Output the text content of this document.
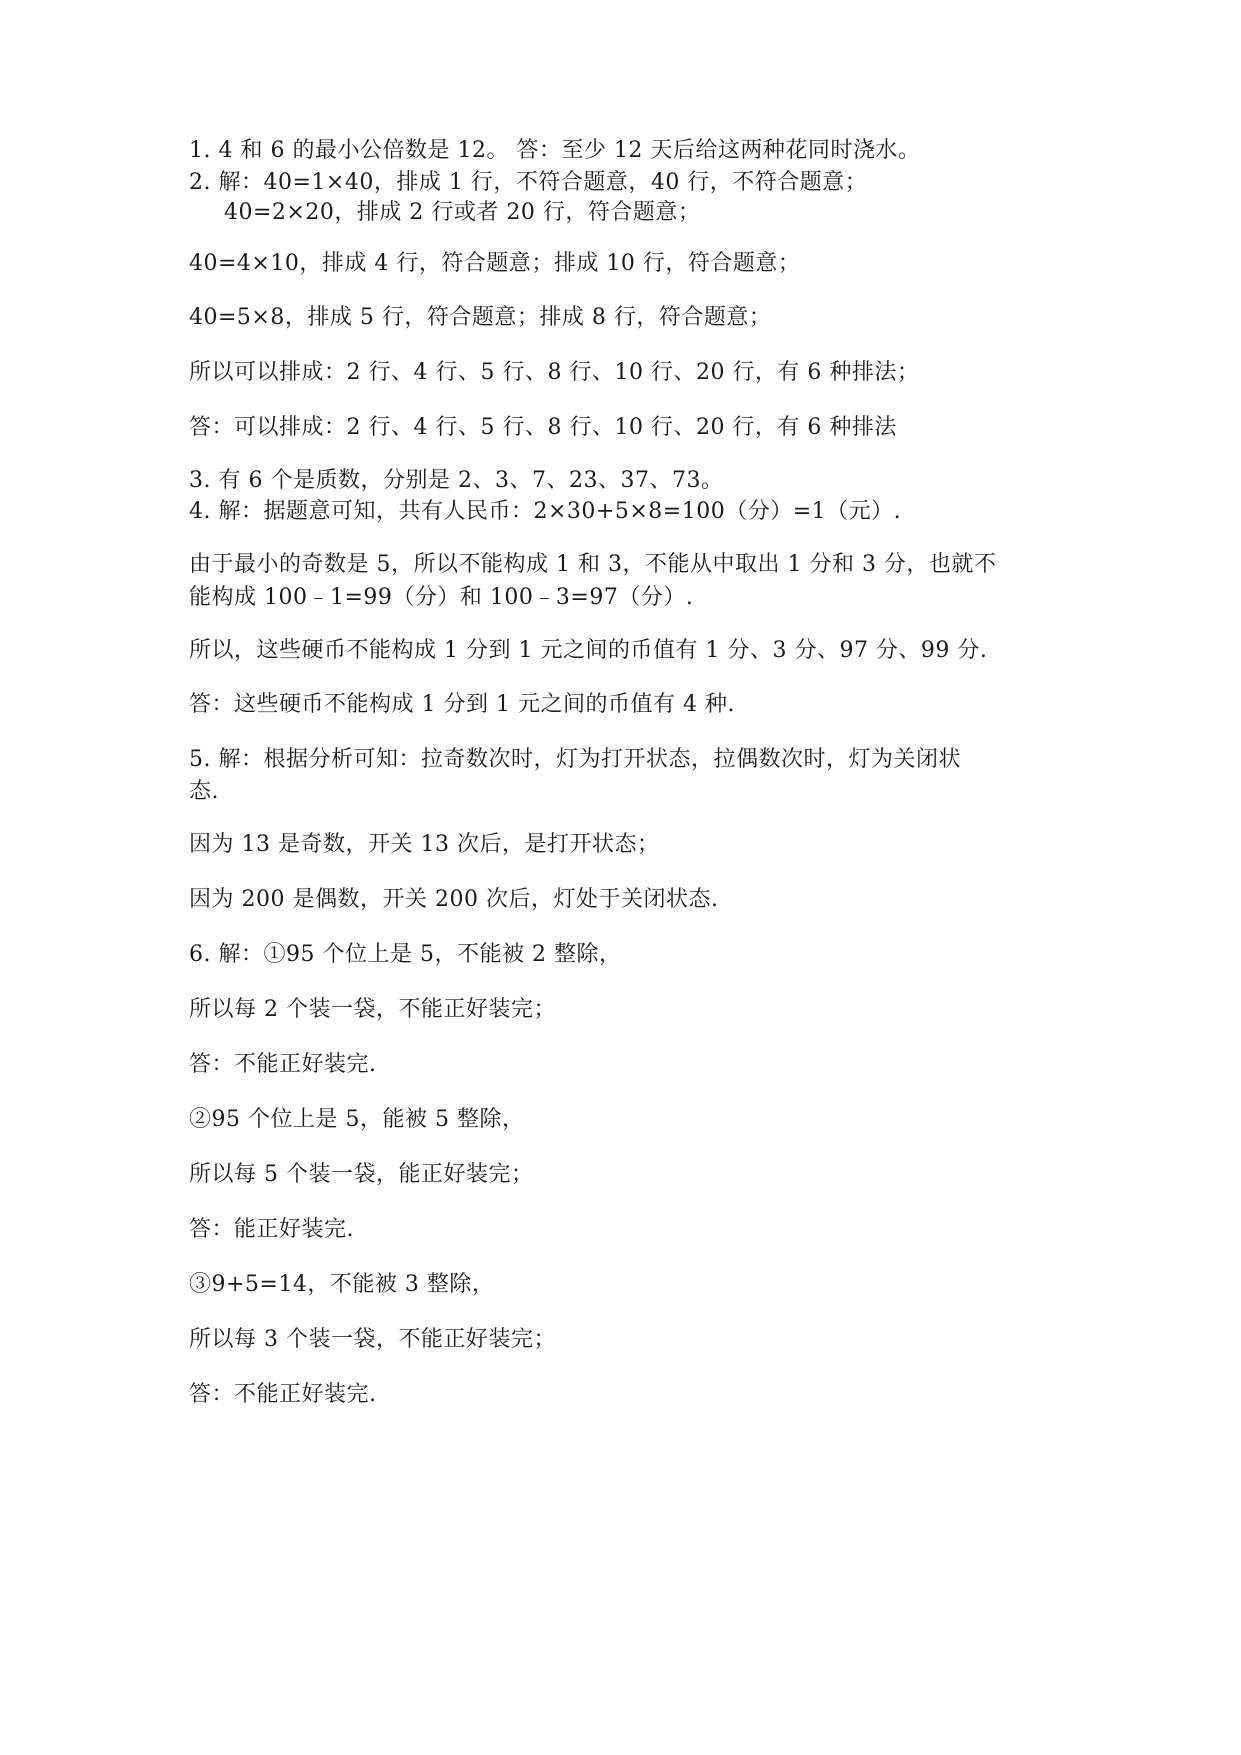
1. 4 和 6 的最小公倍数是 12。 答：至少 12 天后给这两种花同时浇水。
2. 解：40=1×40，排成 1 行，不符合题意，40 行，不符合题意；
40=2×20，排成 2 行或者 20 行，符合题意；
40=4×10，排成 4 行，符合题意；排成 10 行，符合题意；
40=5×8，排成 5 行，符合题意；排成 8 行，符合题意；
所以可以排成：2 行、4 行、5 行、8 行、10 行、20 行，有 6 种排法；
答：可以排成：2 行、4 行、5 行、8 行、10 行、20 行，有 6 种排法
3. 有 6 个是质数，分别是 2、3、7、23、37、73。
4. 解：据题意可知，共有人民币：2×30+5×8=100（分）=1（元）.
由于最小的奇数是 5，所以不能构成 1 和 3，不能从中取出 1 分和 3 分，也就不
能构成 100﹣1=99（分）和 100﹣3=97（分）.
所以，这些硬币不能构成 1 分到 1 元之间的币值有 1 分、3 分、97 分、99 分.
答：这些硬币不能构成 1 分到 1 元之间的币值有 4 种.
5. 解：根据分析可知：拉奇数次时，灯为打开状态，拉偶数次时，灯为关闭状
态.
因为 13 是奇数，开关 13 次后，是打开状态；
因为 200 是偶数，开关 200 次后，灯处于关闭状态.
6. 解：①95 个位上是 5，不能被 2 整除，
所以每 2 个装一袋，不能正好装完；
答：不能正好装完.
②95 个位上是 5，能被 5 整除，
所以每 5 个装一袋，能正好装完；
答：能正好装完.
③9+5=14，不能被 3 整除，
所以每 3 个装一袋，不能正好装完；
答：不能正好装完.
